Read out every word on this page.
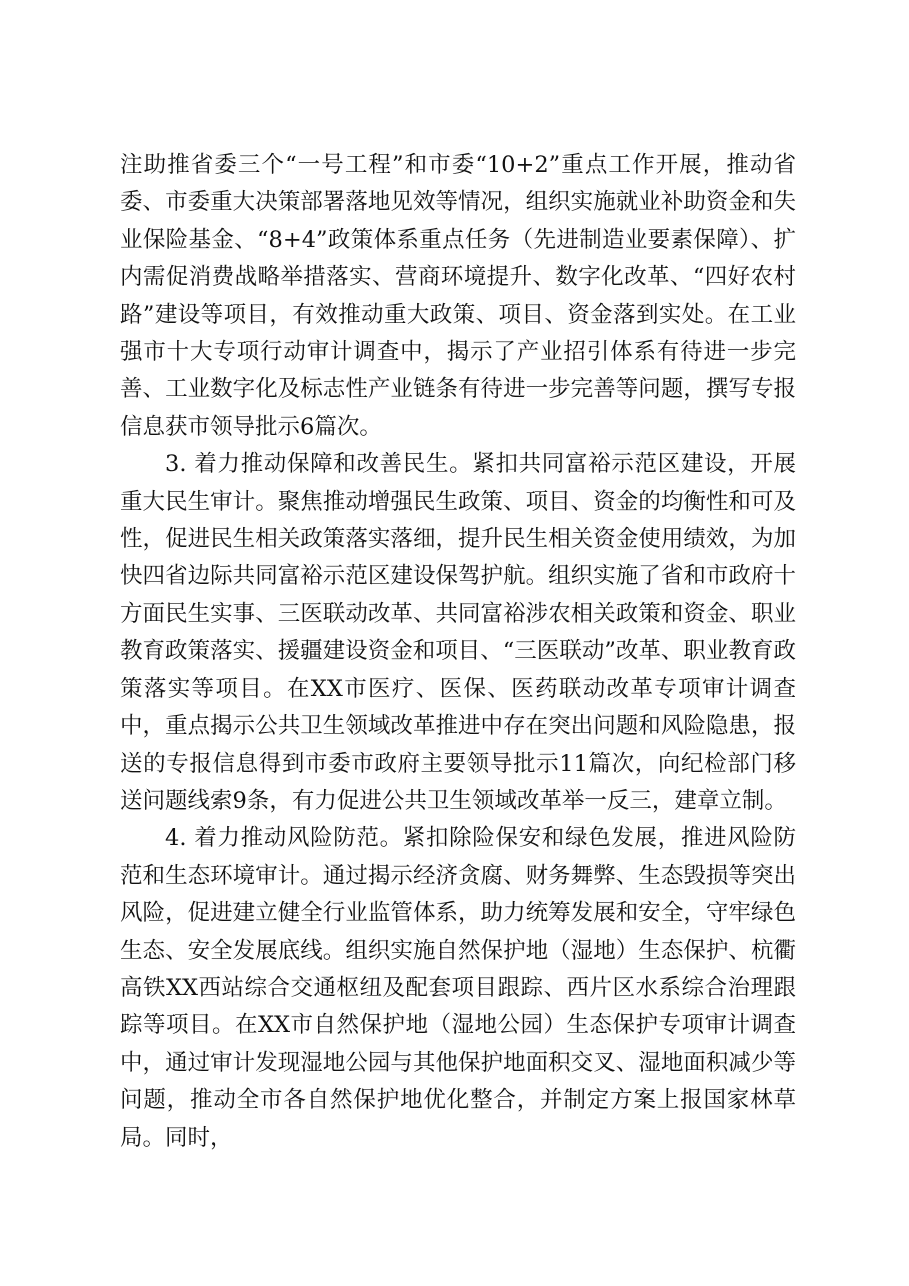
注助推省委三个“一号工程”和市委“10+2”重点工作开展，推动省委、市委重大决策部署落地见效等情况，组织实施就业补助资金和失业保险基金、“8+4”政策体系重点任务（先进制造业要素保障）、扩内需促消费战略举措落实、营商环境提升、数字化改革、“四好农村路”建设等项目，有效推动重大政策、项目、资金落到实处。在工业强市十大专项行动审计调查中，揭示了产业招引体系有待进一步完善、工业数字化及标志性产业链条有待进一步完善等问题，撰写专报信息获市领导批示6篇次。

3. 着力推动保障和改善民生。紧扣共同富裕示范区建设，开展重大民生审计。聚焦推动增强民生政策、项目、资金的均衡性和可及性，促进民生相关政策落实落细，提升民生相关资金使用绩效，为加快四省边际共同富裕示范区建设保驾护航。组织实施了省和市政府十方面民生实事、三医联动改革、共同富裕涉农相关政策和资金、职业教育政策落实、援疆建设资金和项目、“三医联动”改革、职业教育政策落实等项目。在XX市医疗、医保、医药联动改革专项审计调查中，重点揭示公共卫生领域改革推进中存在突出问题和风险隐患，报送的专报信息得到市委市政府主要领导批示11篇次，向纪检部门移送问题线索9条，有力促进公共卫生领域改革举一反三，建章立制。

4. 着力推动风险防范。紧扣除险保安和绿色发展，推进风险防范和生态环境审计。通过揭示经济贪腐、财务舞弊、生态毁损等突出风险，促进建立健全行业监管体系，助力统筹发展和安全，守牢绿色生态、安全发展底线。组织实施自然保护地（湿地）生态保护、杭衢高铁XX西站综合交通枢纽及配套项目跟踪、西片区水系综合治理跟踪等项目。在XX市自然保护地（湿地公园）生态保护专项审计调查中，通过审计发现湿地公园与其他保护地面积交叉、湿地面积减少等问题，推动全市各自然保护地优化整合，并制定方案上报国家林草局。同时，
